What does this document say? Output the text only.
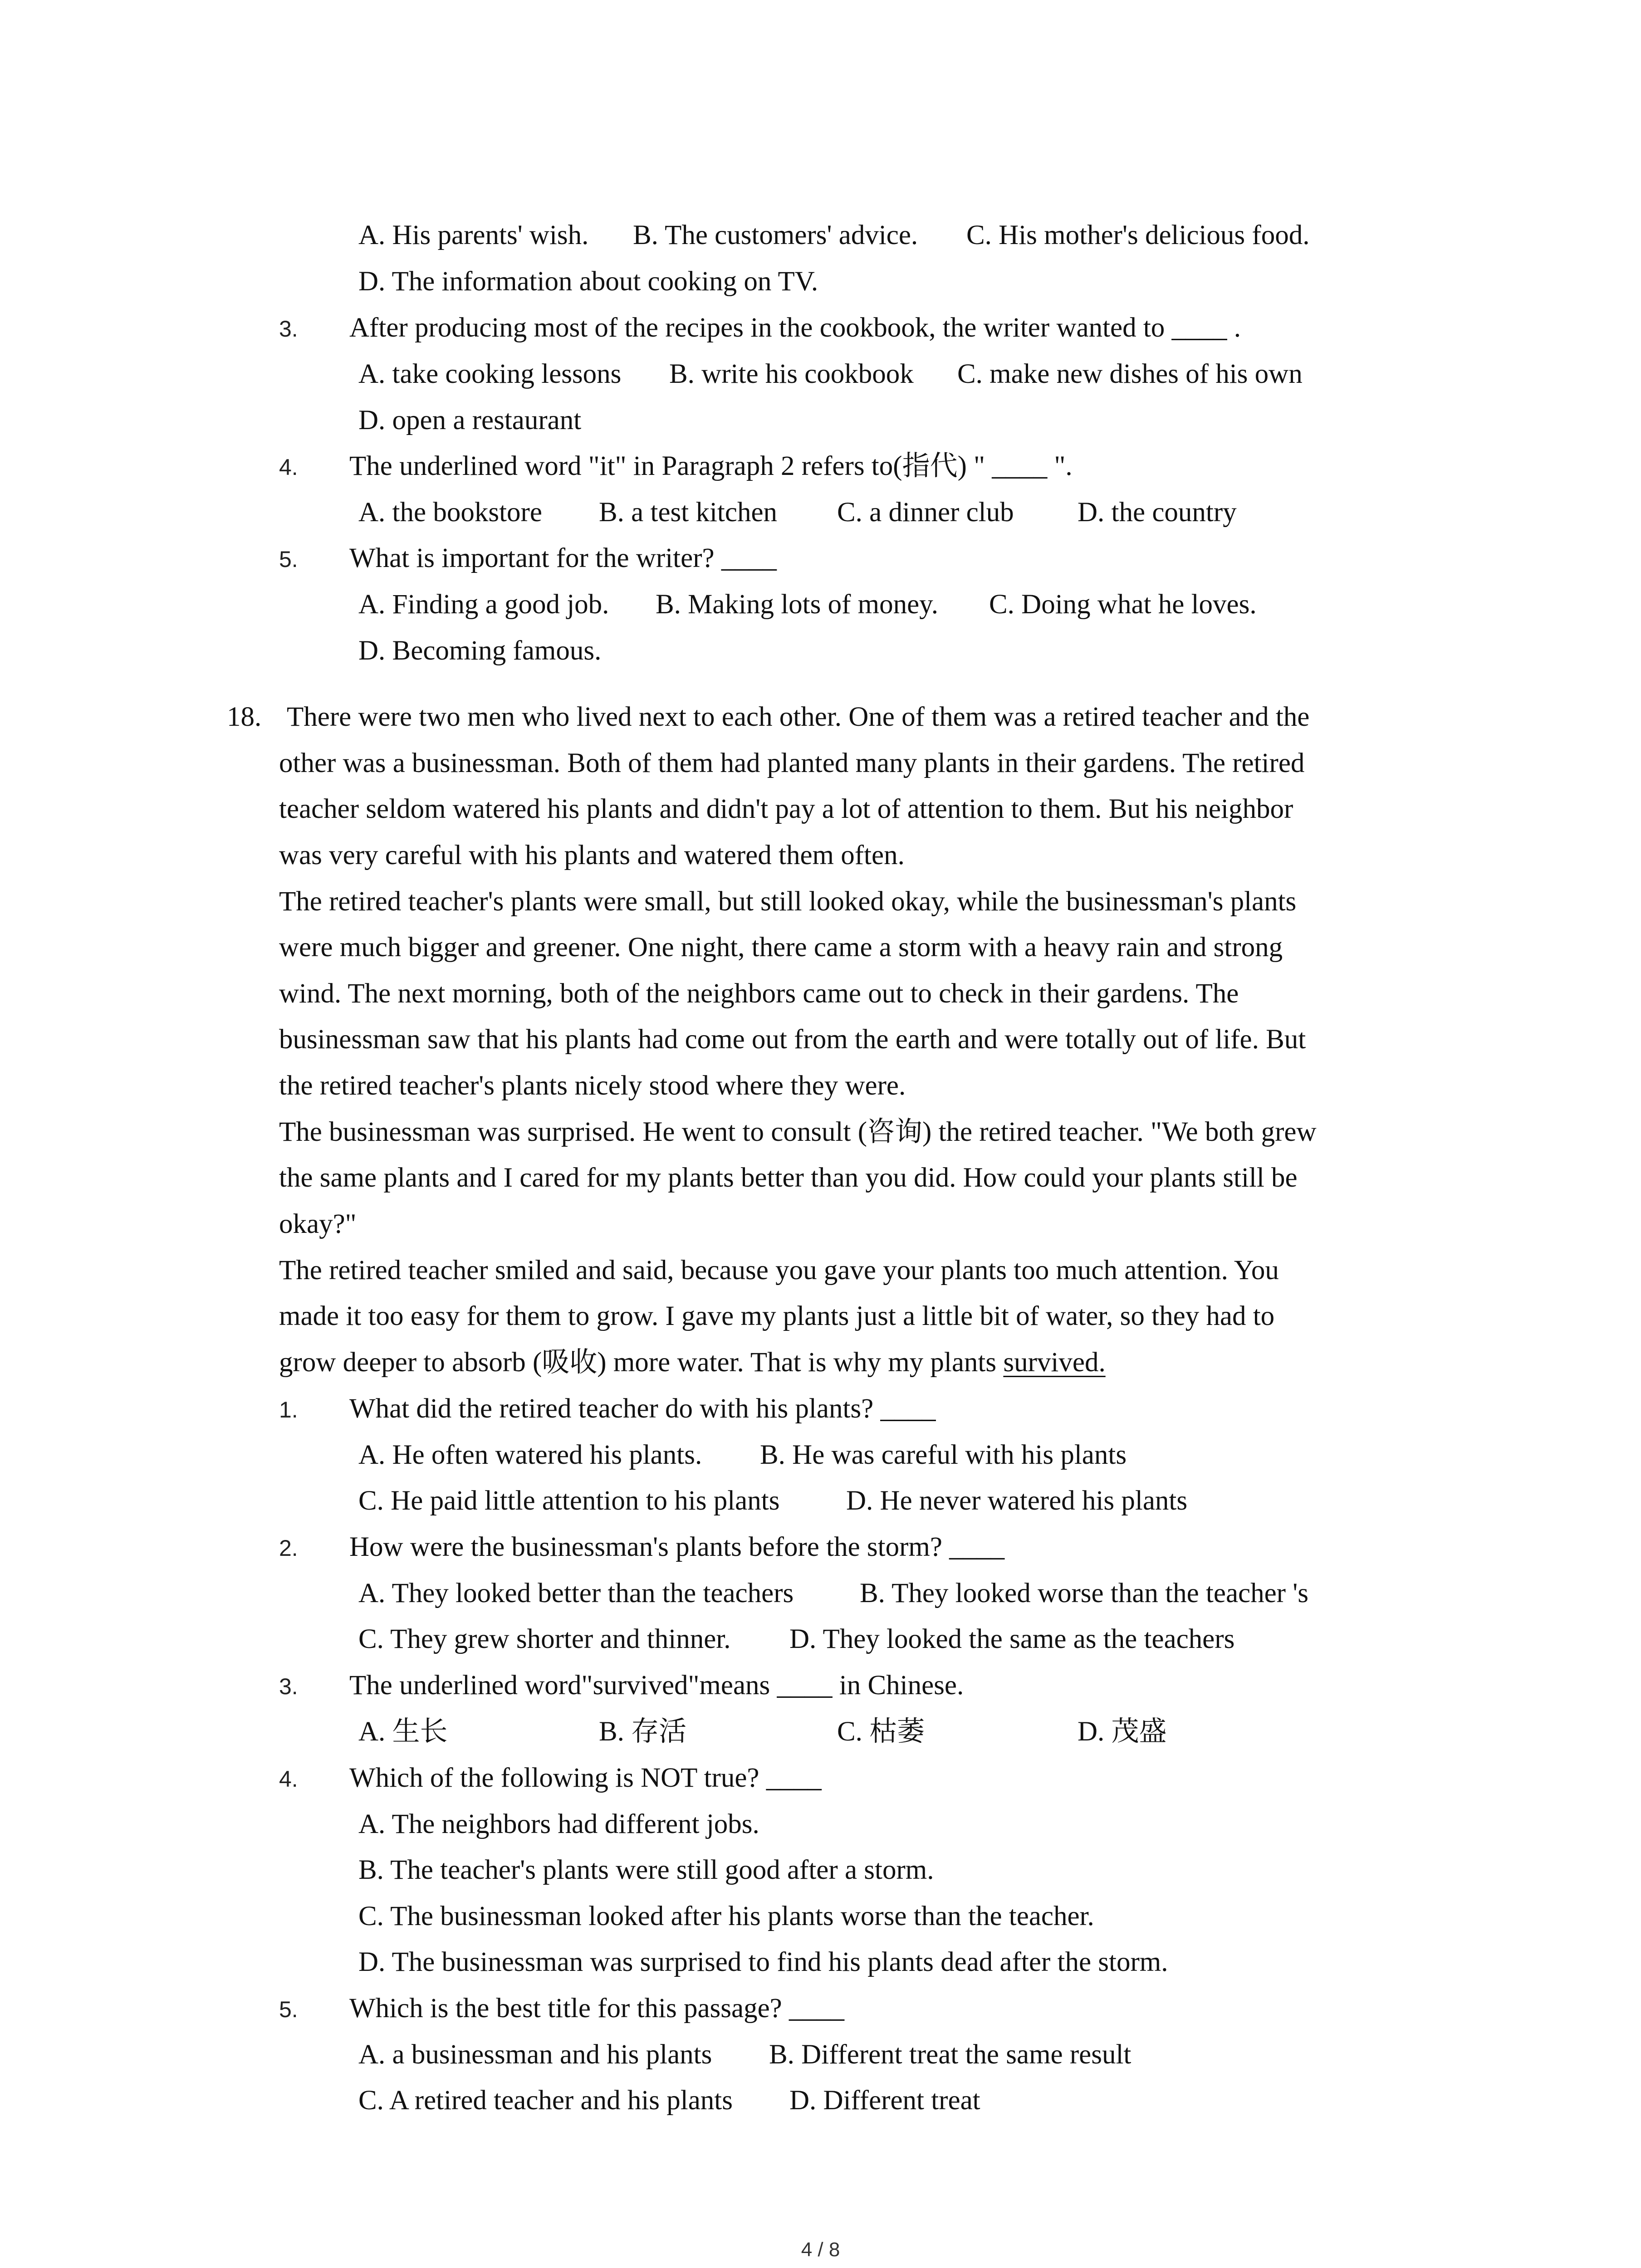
A. His parents' wish. B. The customers' advice. C. His mother's delicious food.
D. The information about cooking on TV.
3. After producing most of the recipes in the cookbook, the writer wanted to ____ .
A. take cooking lessons B. write his cookbook C. make new dishes of his own
D. open a restaurant
4. The underlined word "it" in Paragraph 2 refers to(指代) " ____ ".
A. the bookstore B. a test kitchen C. a dinner club D. the country
5. What is important for the writer? ____
A. Finding a good job. B. Making lots of money. C. Doing what he loves.
D. Becoming famous.
18. There were two men who lived next to each other. One of them was a retired teacher and the
other was a businessman. Both of them had planted many plants in their gardens. The retired
teacher seldom watered his plants and didn't pay a lot of attention to them. But his neighbor
was very careful with his plants and watered them often.
The retired teacher's plants were small, but still looked okay, while the businessman's plants
were much bigger and greener. One night, there came a storm with a heavy rain and strong
wind. The next morning, both of the neighbors came out to check in their gardens. The
businessman saw that his plants had come out from the earth and were totally out of life. But
the retired teacher's plants nicely stood where they were.
The businessman was surprised. He went to consult (咨询) the retired teacher. "We both grew
the same plants and I cared for my plants better than you did. How could your plants still be
okay?"
The retired teacher smiled and said, because you gave your plants too much attention. You
made it too easy for them to grow. I gave my plants just a little bit of water, so they had to
grow deeper to absorb (吸收) more water. That is why my plants survived.
1. What did the retired teacher do with his plants? ____
A. He often watered his plants. B. He was careful with his plants
C. He paid little attention to his plants D. He never watered his plants
2. How were the businessman's plants before the storm? ____
A. They looked better than the teachers B. They looked worse than the teacher 's
C. They grew shorter and thinner. D. They looked the same as the teachers
3. The underlined word"survived"means ____ in Chinese.
A. 生长	B. 存活	C. 枯萎	D. 茂盛
4. Which of the following is NOT true? ____
A. The neighbors had different jobs.
B. The teacher's plants were still good after a storm.
C. The businessman looked after his plants worse than the teacher.
D. The businessman was surprised to find his plants dead after the storm.
5. Which is the best title for this passage? ____
A. a businessman and his plants B. Different treat the same result
C. A retired teacher and his plants D. Different treat
4 / 8
